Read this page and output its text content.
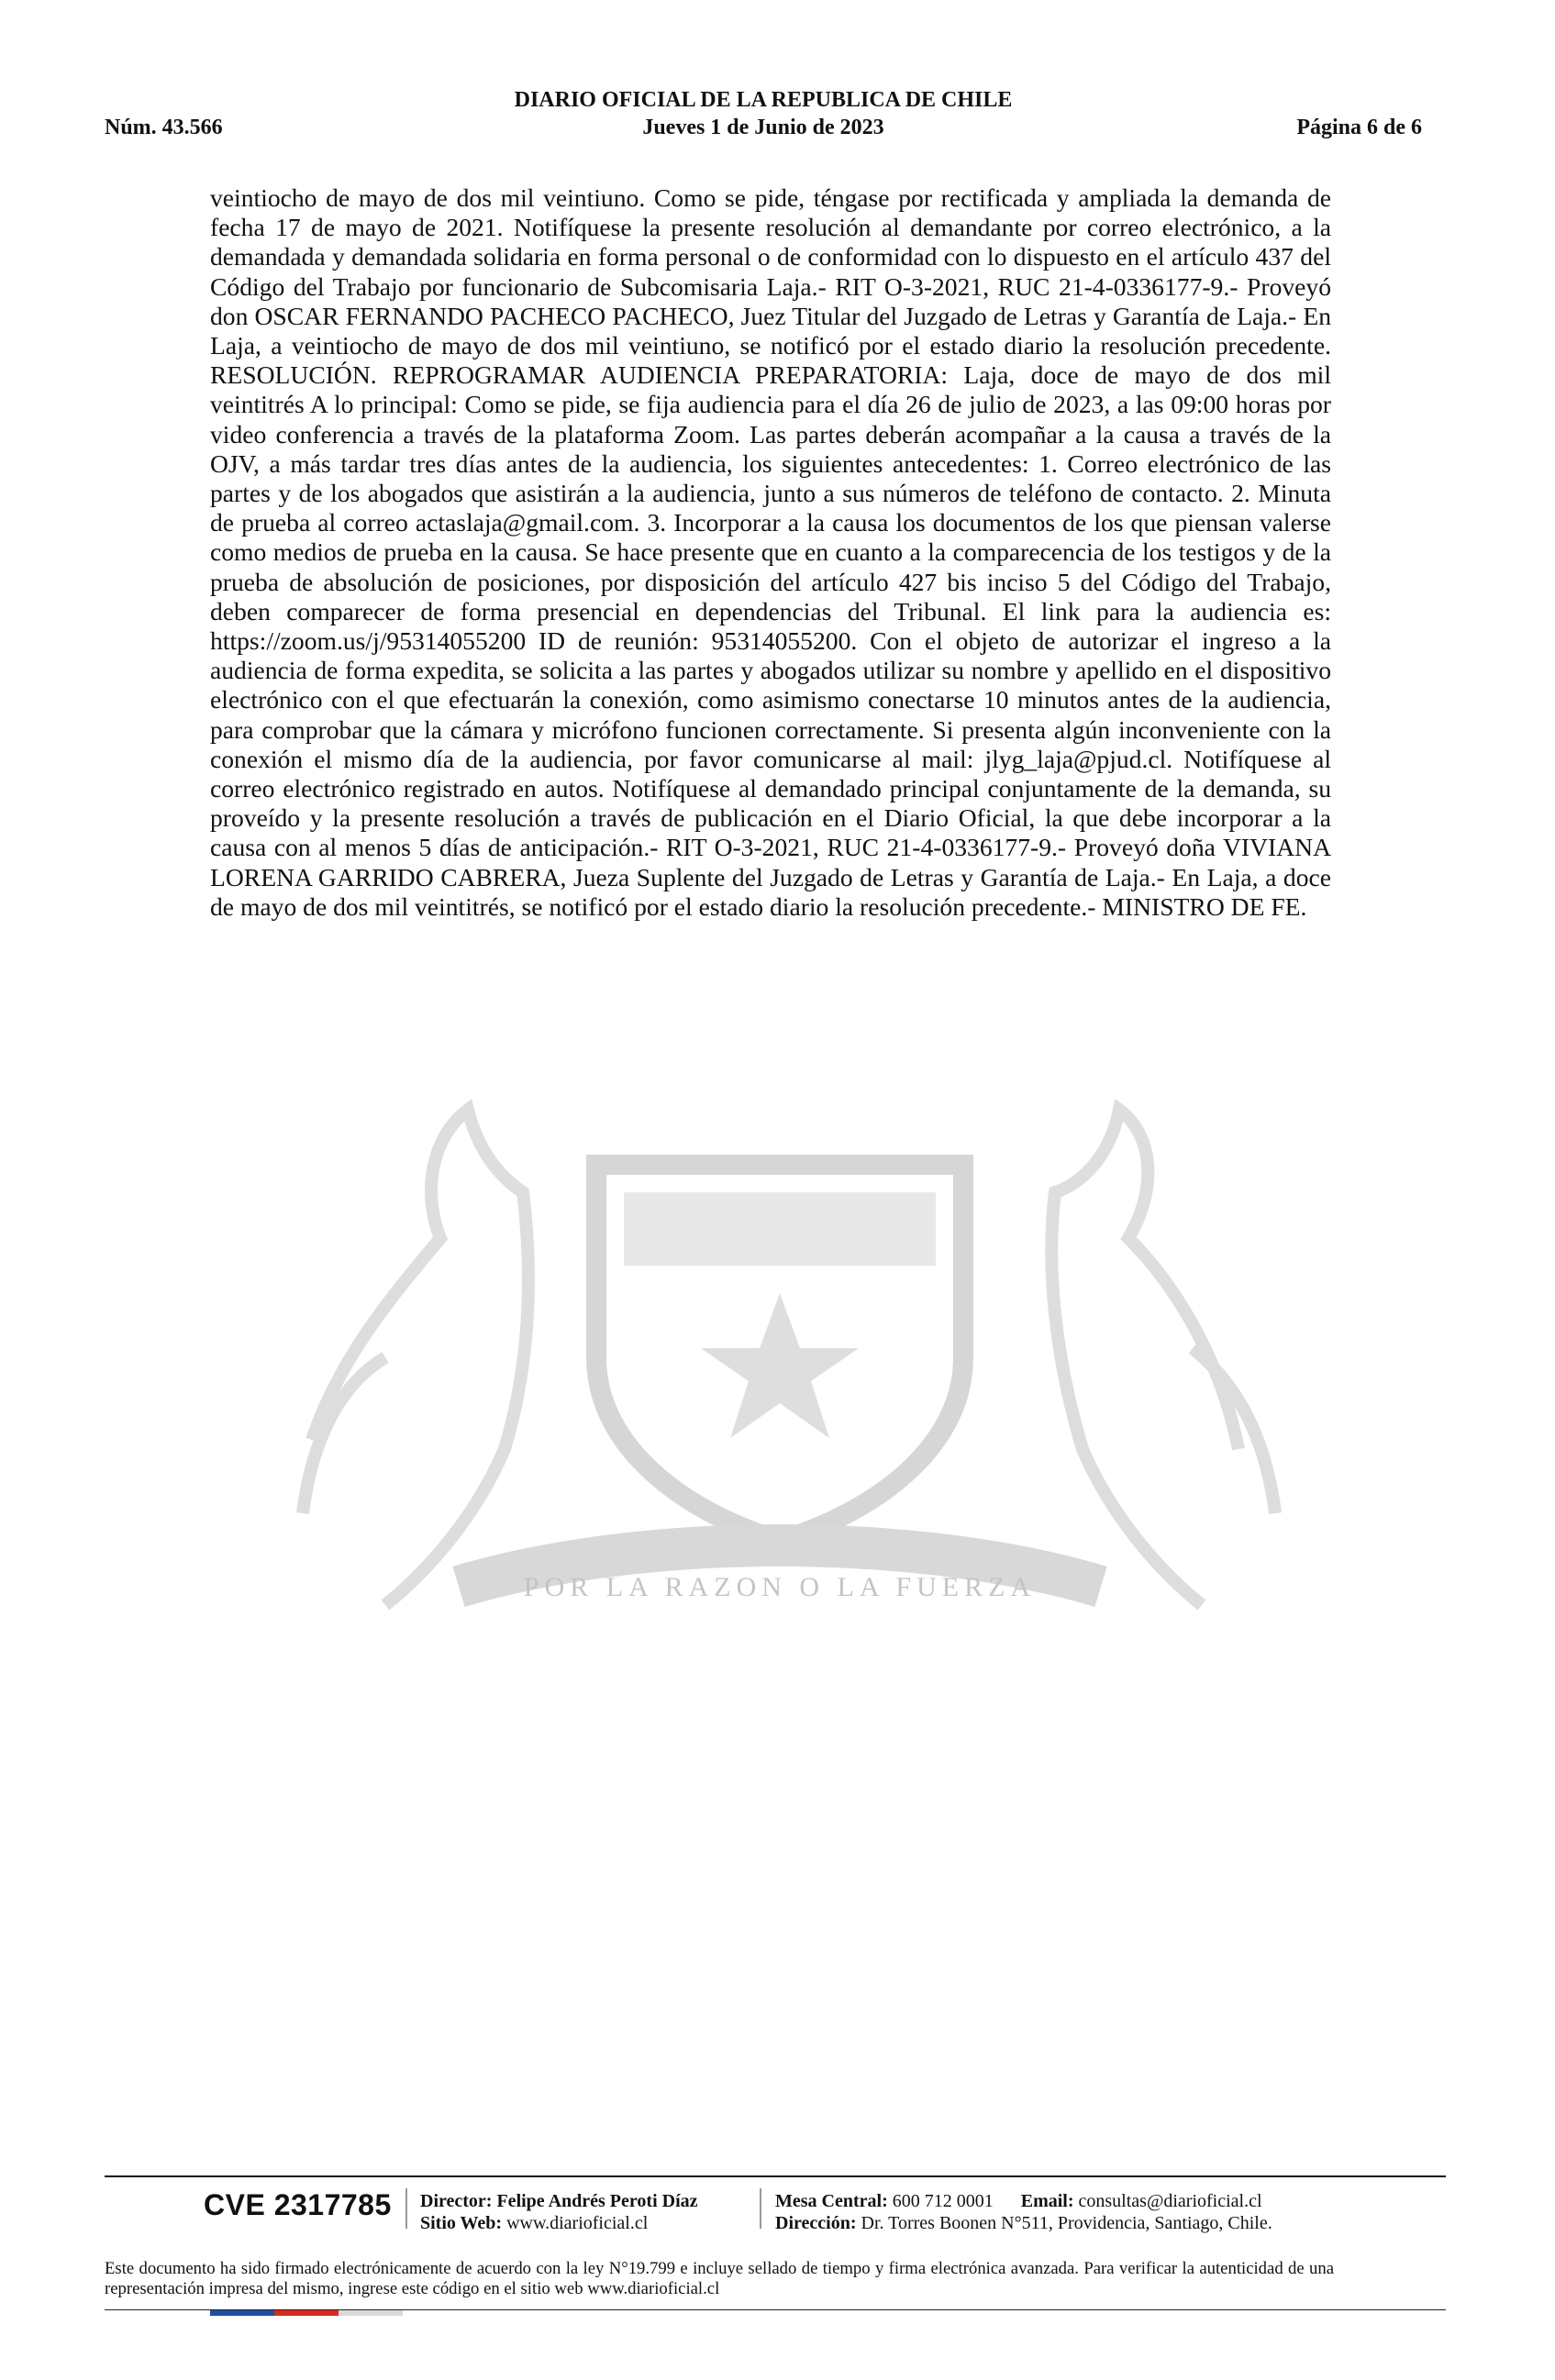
DIARIO OFICIAL DE LA REPUBLICA DE CHILE
Núm. 43.566	Jueves 1 de Junio de 2023	Página 6 de 6
POR LA RAZON O LA FUERZA

veintiocho de mayo de dos mil veintiuno. Como se pide, téngase por rectificada y ampliada la demanda de fecha 17 de mayo de 2021. Notifíquese la presente resolución al demandante por correo electrónico, a la demandada y demandada solidaria en forma personal o de conformidad con lo dispuesto en el artículo 437 del Código del Trabajo por funcionario de Subcomisaria Laja.- RIT O-3-2021, RUC 21-4-0336177-9.- Proveyó don OSCAR FERNANDO PACHECO PACHECO, Juez Titular del Juzgado de Letras y Garantía de Laja.- En Laja, a veintiocho de mayo de dos mil veintiuno, se notificó por el estado diario la resolución precedente. RESOLUCIÓN. REPROGRAMAR AUDIENCIA PREPARATORIA: Laja, doce de mayo de dos mil veintitrés A lo principal: Como se pide, se fija audiencia para el día 26 de julio de 2023, a las 09:00 horas por video conferencia a través de la plataforma Zoom. Las partes deberán acompañar a la causa a través de la OJV, a más tardar tres días antes de la audiencia, los siguientes antecedentes: 1. Correo electrónico de las partes y de los abogados que asistirán a la audiencia, junto a sus números de teléfono de contacto. 2. Minuta de prueba al correo actaslaja@gmail.com. 3. Incorporar a la causa los documentos de los que piensan valerse como medios de prueba en la causa. Se hace presente que en cuanto a la comparecencia de los testigos y de la prueba de absolución de posiciones, por disposición del artículo 427 bis inciso 5 del Código del Trabajo, deben comparecer de forma presencial en dependencias del Tribunal. El link para la audiencia es: https://zoom.us/j/95314055200 ID de reunión: 95314055200. Con el objeto de autorizar el ingreso a la audiencia de forma expedita, se solicita a las partes y abogados utilizar su nombre y apellido en el dispositivo electrónico con el que efectuarán la conexión, como asimismo conectarse 10 minutos antes de la audiencia, para comprobar que la cámara y micrófono funcionen correctamente. Si presenta algún inconveniente con la conexión el mismo día de la audiencia, por favor comunicarse al mail: jlyg_laja@pjud.cl. Notifíquese al correo electrónico registrado en autos. Notifíquese al demandado principal conjuntamente de la demanda, su proveído y la presente resolución a través de publicación en el Diario Oficial, la que debe incorporar a la causa con al menos 5 días de anticipación.- RIT O-3-2021, RUC 21-4-0336177-9.- Proveyó doña VIVIANA LORENA GARRIDO CABRERA, Jueza Suplente del Juzgado de Letras y Garantía de Laja.- En Laja, a doce de mayo de dos mil veintitrés, se notificó por el estado diario la resolución precedente.- MINISTRO DE FE.

CVE 2317785 Director: Felipe Andrés Peroti Díaz
Sitio Web: www.diarioficial.cl
Mesa Central: 600 712 0001 Email: consultas@diarioficial.cl
Dirección: Dr. Torres Boonen N°511, Providencia, Santiago, Chile.
Este documento ha sido firmado electrónicamente de acuerdo con la ley N°19.799 e incluye sellado de tiempo y firma electrónica avanzada. Para verificar la autenticidad de una representación impresa del mismo, ingrese este código en el sitio web www.diarioficial.cl
